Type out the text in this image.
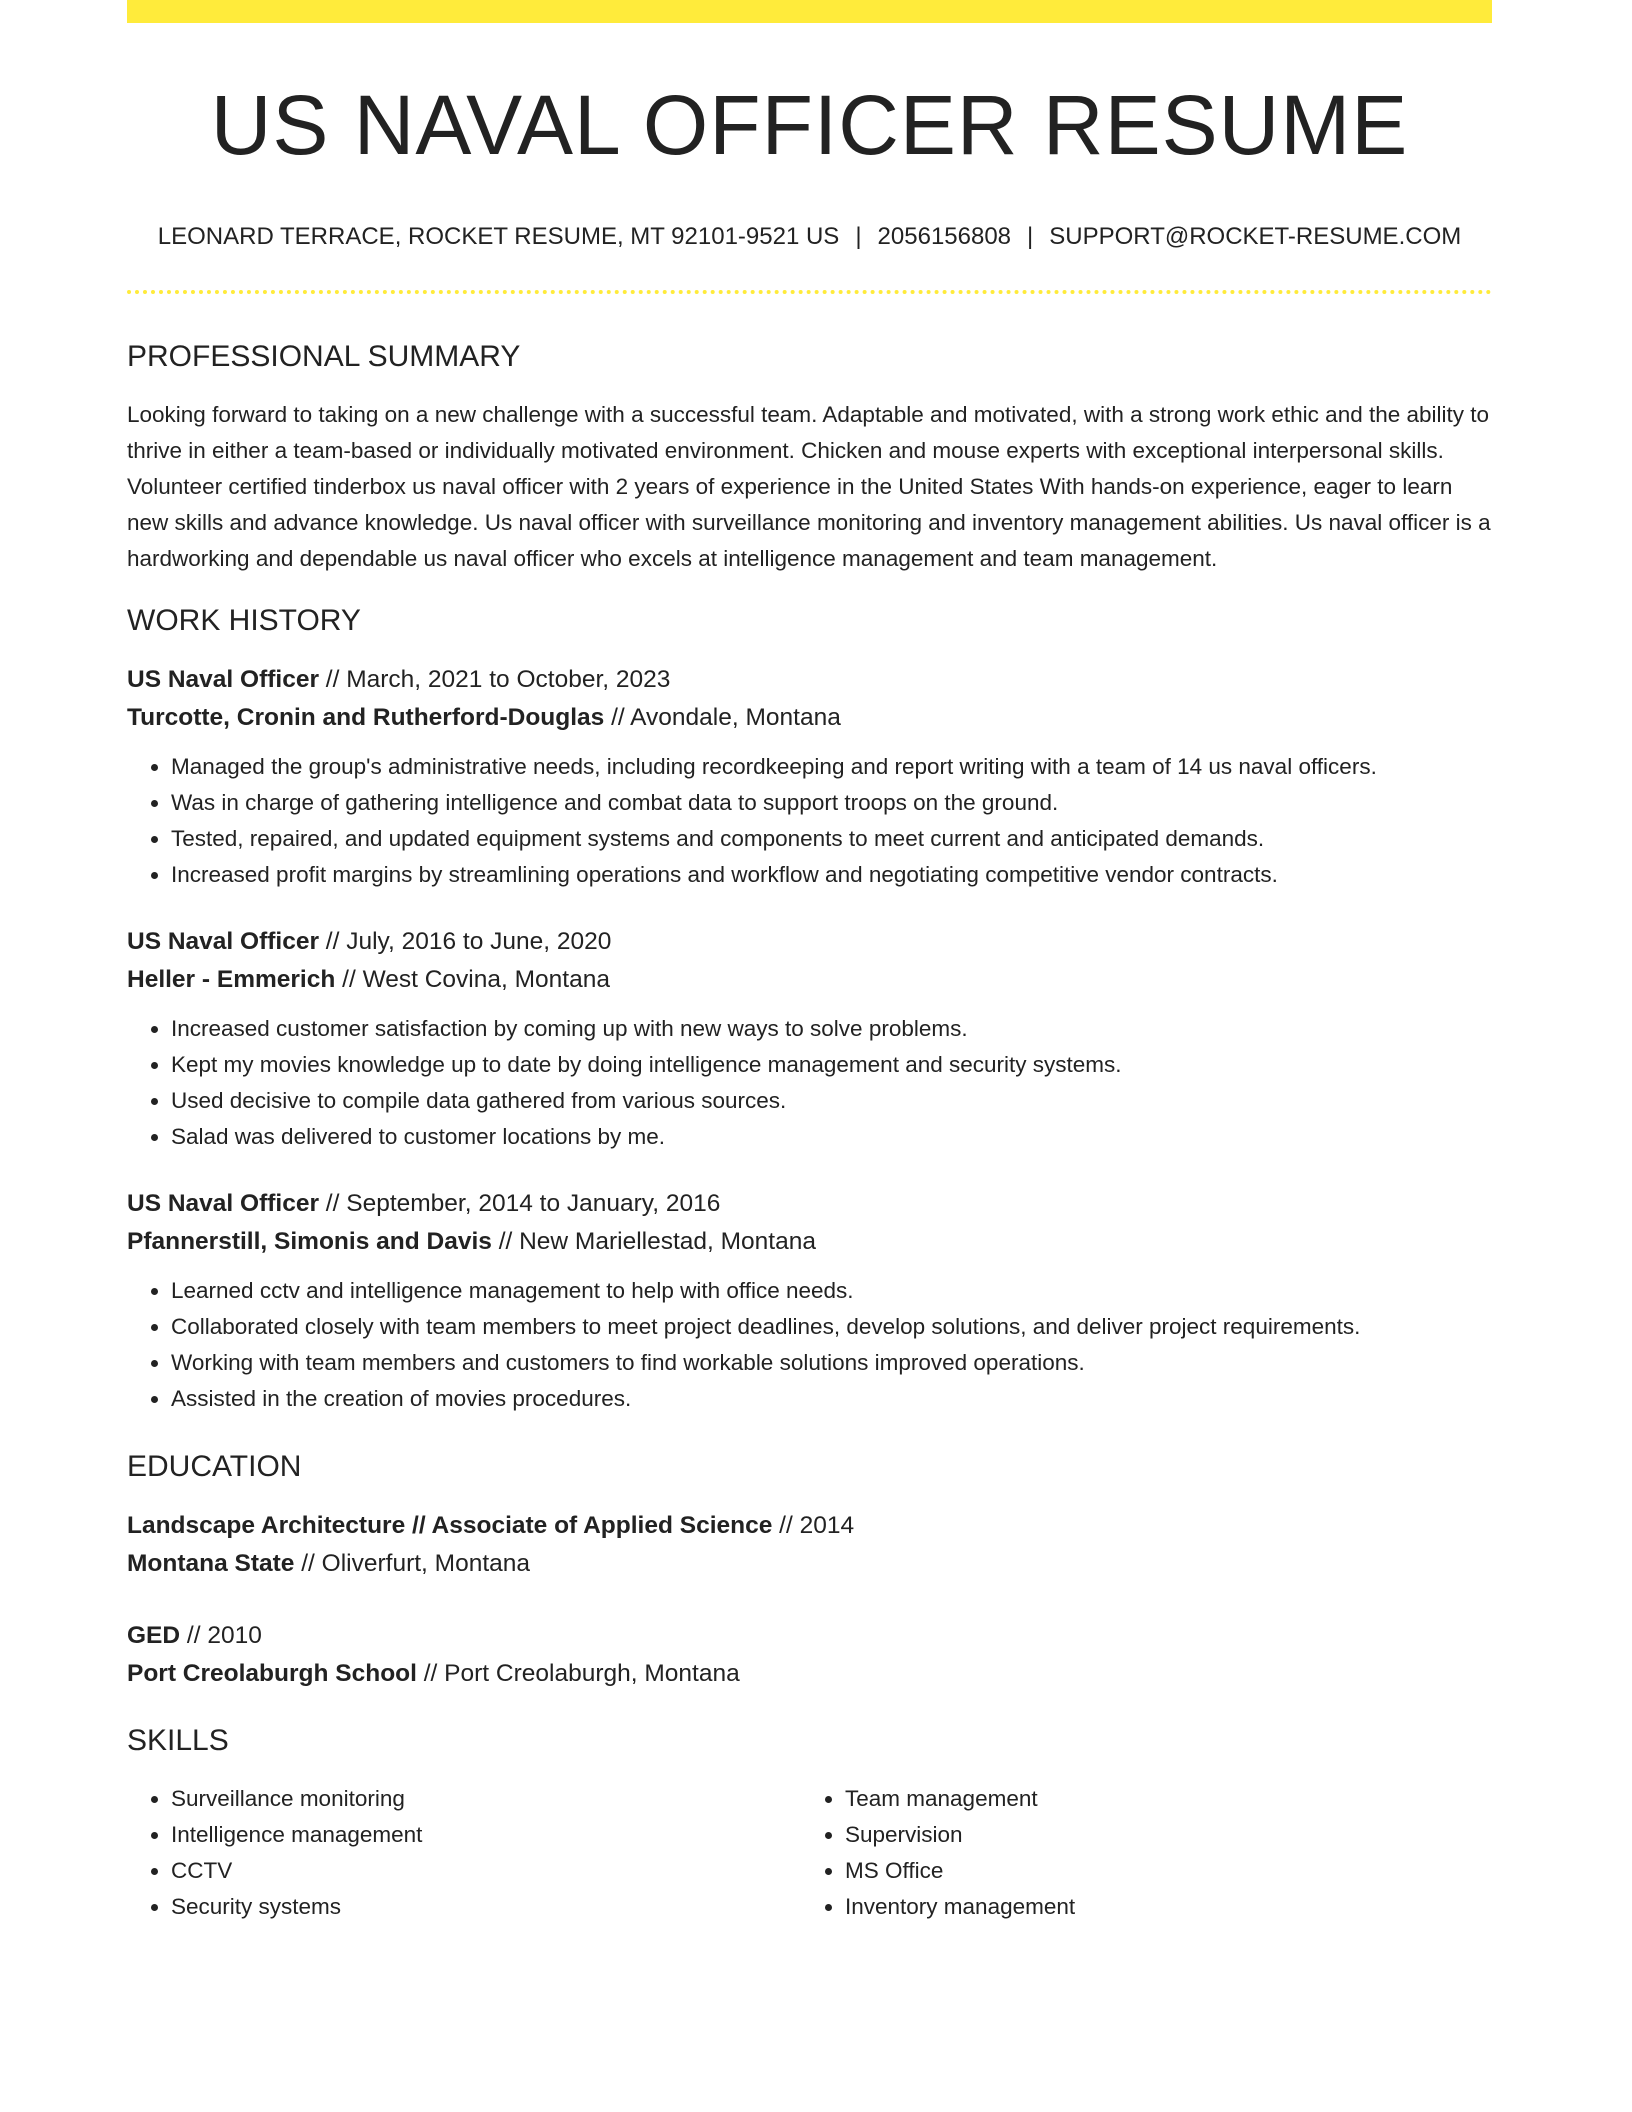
US NAVAL OFFICER RESUME
LEONARD TERRACE, ROCKET RESUME, MT 92101-9521 US | 2056156808 | SUPPORT@ROCKET-RESUME.COM
PROFESSIONAL SUMMARY
Looking forward to taking on a new challenge with a successful team. Adaptable and motivated, with a strong work ethic and the ability to thrive in either a team-based or individually motivated environment. Chicken and mouse experts with exceptional interpersonal skills. Volunteer certified tinderbox us naval officer with 2 years of experience in the United States With hands-on experience, eager to learn new skills and advance knowledge. Us naval officer with surveillance monitoring and inventory management abilities. Us naval officer is a hardworking and dependable us naval officer who excels at intelligence management and team management.
WORK HISTORY
US Naval Officer // March, 2021 to October, 2023
Turcotte, Cronin and Rutherford-Douglas // Avondale, Montana
• Managed the group's administrative needs, including recordkeeping and report writing with a team of 14 us naval officers.
• Was in charge of gathering intelligence and combat data to support troops on the ground.
• Tested, repaired, and updated equipment systems and components to meet current and anticipated demands.
• Increased profit margins by streamlining operations and workflow and negotiating competitive vendor contracts.
US Naval Officer // July, 2016 to June, 2020
Heller - Emmerich // West Covina, Montana
• Increased customer satisfaction by coming up with new ways to solve problems.
• Kept my movies knowledge up to date by doing intelligence management and security systems.
• Used decisive to compile data gathered from various sources.
• Salad was delivered to customer locations by me.
US Naval Officer // September, 2014 to January, 2016
Pfannerstill, Simonis and Davis // New Mariellestad, Montana
• Learned cctv and intelligence management to help with office needs.
• Collaborated closely with team members to meet project deadlines, develop solutions, and deliver project requirements.
• Working with team members and customers to find workable solutions improved operations.
• Assisted in the creation of movies procedures.
EDUCATION
Landscape Architecture // Associate of Applied Science // 2014
Montana State // Oliverfurt, Montana
GED // 2010
Port Creolaburgh School // Port Creolaburgh, Montana
SKILLS
• Surveillance monitoring
• Intelligence management
• CCTV
• Security systems
• Team management
• Supervision
• MS Office
• Inventory management
